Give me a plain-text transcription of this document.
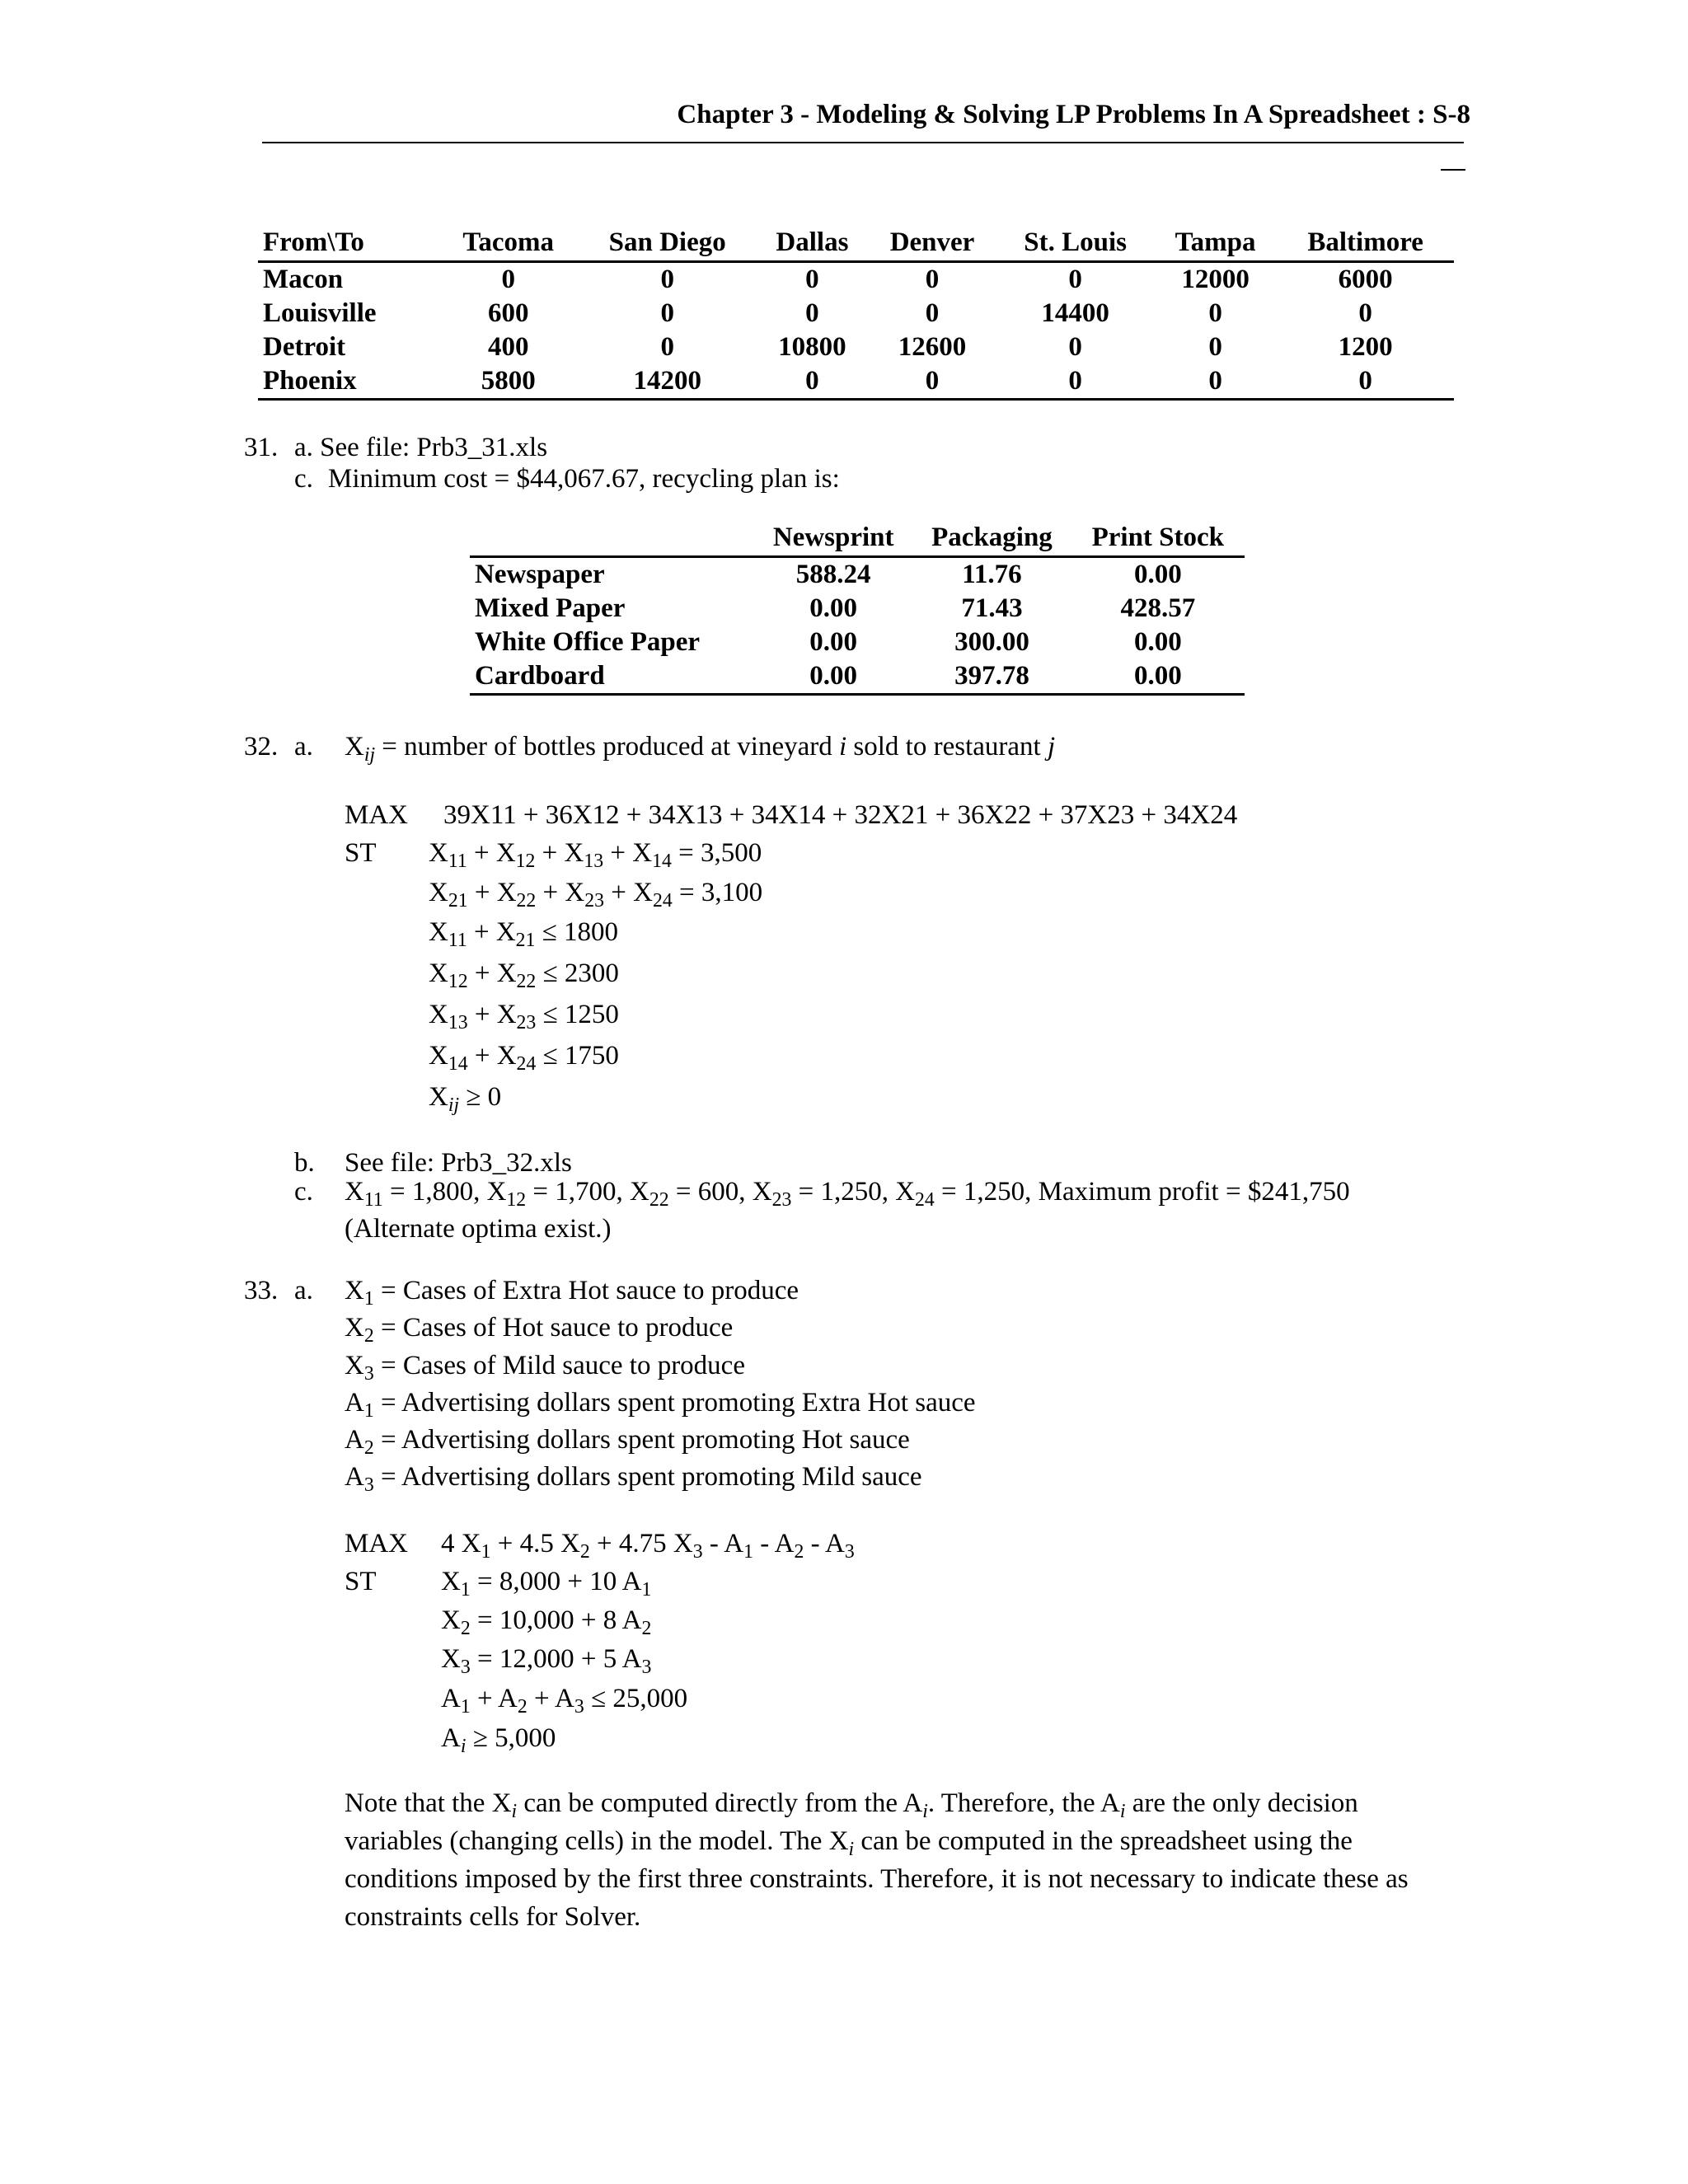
Chapter 3 - Modeling & Solving LP Problems In A Spreadsheet : S-8
From\To	Tacoma	San Diego	Dallas	Denver	St. Louis	Tampa	Baltimore
Macon	0	0	0	0	0	12000	6000
Louisville	600	0	0	0	14400	0	0
Detroit	400	0	10800	12600	0	0	1200
Phoenix	5800	14200	0	0	0	0	0
31. a. See file: Prb3_31.xls
c. Minimum cost = $44,067.67, recycling plan is:
	Newsprint	Packaging	Print Stock
Newspaper	588.24	11.76	0.00
Mixed Paper	0.00	71.43	428.57
White Office Paper	0.00	300.00	0.00
Cardboard	0.00	397.78	0.00
32. a. $X_{ij}$ = number of bottles produced at vineyard i sold to restaurant j
MAX 39X11 + 36X12 + 34X13 + 34X14 + 32X21 + 36X22 + 37X23 + 34X24
ST $X_{11} + X_{12} + X_{13} + X_{14} = 3,500$
$X_{21} + X_{22} + X_{23} + X_{24} = 3,100$
$X_{11} + X_{21} \le 1800$
$X_{12} + X_{22} \le 2300$
$X_{13} + X_{23} \le 1250$
$X_{14} + X_{24} \le 1750$
$X_{ij} \ge 0$
b. See file: Prb3_32.xls
c. $X_{11} = 1,800$, $X_{12} = 1,700$, $X_{22} = 600$, $X_{23} = 1,250$, $X_{24} = 1,250$, Maximum profit = $241,750
(Alternate optima exist.)
33. a. $X_1$ = Cases of Extra Hot sauce to produce
$X_2$ = Cases of Hot sauce to produce
$X_3$ = Cases of Mild sauce to produce
$A_1$ = Advertising dollars spent promoting Extra Hot sauce
$A_2$ = Advertising dollars spent promoting Hot sauce
$A_3$ = Advertising dollars spent promoting Mild sauce
MAX 4 $X_1 + 4.5$ $X_2 + 4.75$ $X_3 - A_1 - A_2 - A_3$
ST $X_1 = 8,000 + 10$ $A_1$
$X_2 = 10,000 + 8$ $A_2$
$X_3 = 12,000 + 5$ $A_3$
$A_1 + A_2 + A_3 \le 25,000$
$A_i \ge 5,000$

Note that the $X_i$ can be computed directly from the $A_i$. Therefore, the $A_i$ are the only decision variables (changing cells) in the model. The $X_i$ can be computed in the spreadsheet using the conditions imposed by the first three constraints. Therefore, it is not necessary to indicate these as constraints cells for Solver.
